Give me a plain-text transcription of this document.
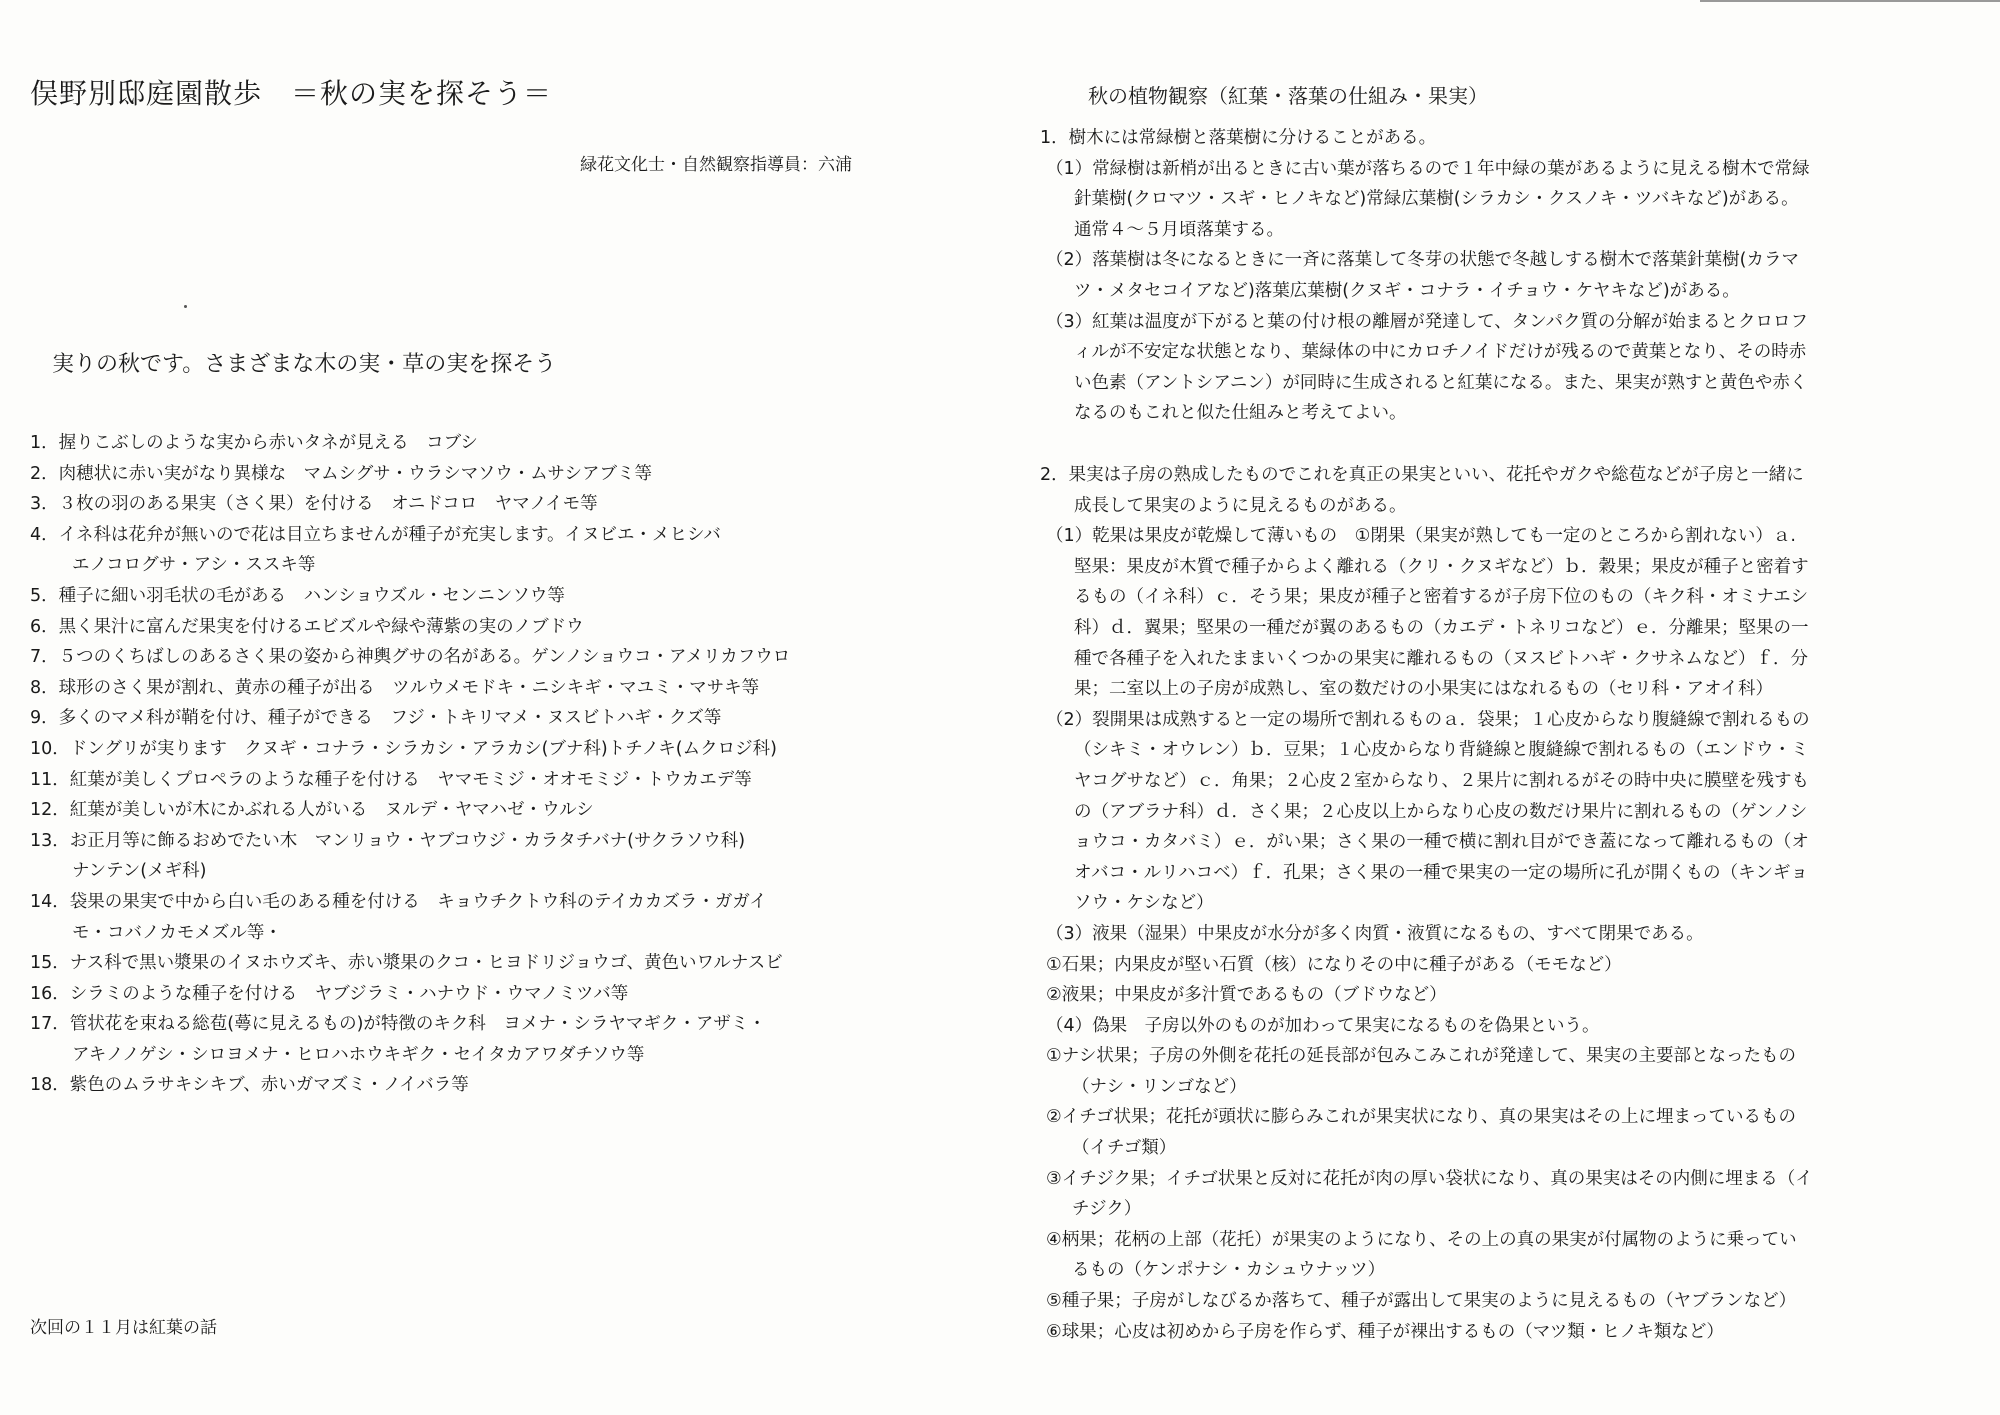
俣野別邸庭園散歩　＝秋の実を探そう＝
緑花文化士・自然観察指導員：六浦
実りの秋です。さまざまな木の実・草の実を探そう
1．握りこぶしのような実から赤いタネが見える　コブシ
2．肉穂状に赤い実がなり異様な　マムシグサ・ウラシマソウ・ムサシアブミ等
3．３枚の羽のある果実（さく果）を付ける　オニドコロ　ヤマノイモ等
4．イネ科は花弁が無いので花は目立ちませんが種子が充実します。イヌビエ・メヒシバ
エノコログサ・アシ・ススキ等
5．種子に細い羽毛状の毛がある　ハンショウズル・センニンソウ等
6．黒く果汁に富んだ果実を付けるエビズルや緑や薄紫の実のノブドウ
7．５つのくちばしのあるさく果の姿から神輿グサの名がある。ゲンノショウコ・アメリカフウロ
8．球形のさく果が割れ、黄赤の種子が出る　ツルウメモドキ・ニシキギ・マユミ・マサキ等
9．多くのマメ科が鞘を付け、種子ができる　フジ・トキリマメ・ヌスビトハギ・クズ等
10．ドングリが実ります　クヌギ・コナラ・シラカシ・アラカシ(ブナ科)トチノキ(ムクロジ科)
11．紅葉が美しくプロペラのような種子を付ける　ヤマモミジ・オオモミジ・トウカエデ等
12．紅葉が美しいが木にかぶれる人がいる　ヌルデ・ヤマハゼ・ウルシ
13．お正月等に飾るおめでたい木　マンリョウ・ヤブコウジ・カラタチバナ(サクラソウ科)
ナンテン(メギ科)
14．袋果の果実で中から白い毛のある種を付ける　キョウチクトウ科のテイカカズラ・ガガイ
モ・コバノカモメズル等・
15．ナス科で黒い漿果のイヌホウズキ、赤い漿果のクコ・ヒヨドリジョウゴ、黄色いワルナスビ
16．シラミのような種子を付ける　ヤブジラミ・ハナウド・ウマノミツバ等
17．管状花を束ねる総苞(蕚に見えるもの)が特徴のキク科　ヨメナ・シラヤマギク・アザミ・
アキノノゲシ・シロヨメナ・ヒロハホウキギク・セイタカアワダチソウ等
18．紫色のムラサキシキブ、赤いガマズミ・ノイバラ等
次回の１１月は紅葉の話
秋の植物観察（紅葉・落葉の仕組み・果実）
1．樹木には常緑樹と落葉樹に分けることがある。
（1）常緑樹は新梢が出るときに古い葉が落ちるので１年中緑の葉があるように見える樹木で常緑
針葉樹(クロマツ・スギ・ヒノキなど)常緑広葉樹(シラカシ・クスノキ・ツバキなど)がある。
通常４～５月頃落葉する。
（2）落葉樹は冬になるときに一斉に落葉して冬芽の状態で冬越しする樹木で落葉針葉樹(カラマ
ツ・メタセコイアなど)落葉広葉樹(クヌギ・コナラ・イチョウ・ケヤキなど)がある。
（3）紅葉は温度が下がると葉の付け根の離層が発達して、タンパク質の分解が始まるとクロロフ
ィルが不安定な状態となり、葉緑体の中にカロチノイドだけが残るので黄葉となり、その時赤
い色素（アントシアニン）が同時に生成されると紅葉になる。また、果実が熟すと黄色や赤く
なるのもこれと似た仕組みと考えてよい。
2．果実は子房の熟成したものでこれを真正の果実といい、花托やガクや総苞などが子房と一緒に
成長して果実のように見えるものがある。
（1）乾果は果皮が乾燥して薄いもの　①閉果（果実が熟しても一定のところから割れない）ａ.
堅果：果皮が木質で種子からよく離れる（クリ・クヌギなど）ｂ．穀果；果皮が種子と密着す
るもの（イネ科）ｃ．そう果；果皮が種子と密着するが子房下位のもの（キク科・オミナエシ
科）ｄ．翼果；堅果の一種だが翼のあるもの（カエデ・トネリコなど）ｅ．分離果；堅果の一
種で各種子を入れたままいくつかの果実に離れるもの（ヌスビトハギ・クサネムなど）ｆ．分
果；二室以上の子房が成熟し、室の数だけの小果実にはなれるもの（セリ科・アオイ科）
（2）裂開果は成熟すると一定の場所で割れるものａ．袋果；１心皮からなり腹縫線で割れるもの
（シキミ・オウレン）ｂ．豆果；１心皮からなり背縫線と腹縫線で割れるもの（エンドウ・ミ
ヤコグサなど）ｃ．角果；２心皮２室からなり、２果片に割れるがその時中央に膜壁を残すも
の（アブラナ科）ｄ．さく果；２心皮以上からなり心皮の数だけ果片に割れるもの（ゲンノシ
ョウコ・カタバミ）ｅ．がい果；さく果の一種で横に割れ目ができ蓋になって離れるもの（オ
オバコ・ルリハコベ）ｆ．孔果；さく果の一種で果実の一定の場所に孔が開くもの（キンギョ
ソウ・ケシなど）
（3）液果（湿果）中果皮が水分が多く肉質・液質になるもの、すべて閉果である。
①石果；内果皮が堅い石質（核）になりその中に種子がある（モモなど）
②液果；中果皮が多汁質であるもの（ブドウなど）
（4）偽果　子房以外のものが加わって果実になるものを偽果という。
①ナシ状果；子房の外側を花托の延長部が包みこみこれが発達して、果実の主要部となったもの
（ナシ・リンゴなど）
②イチゴ状果；花托が頭状に膨らみこれが果実状になり、真の果実はその上に埋まっているもの
（イチゴ類）
③イチジク果；イチゴ状果と反対に花托が肉の厚い袋状になり、真の果実はその内側に埋まる（イ
チジク）
④柄果；花柄の上部（花托）が果実のようになり、その上の真の果実が付属物のように乗ってい
るもの（ケンポナシ・カシュウナッツ）
⑤種子果；子房がしなびるか落ちて、種子が露出して果実のように見えるもの（ヤブランなど）
⑥球果；心皮は初めから子房を作らず、種子が裸出するもの（マツ類・ヒノキ類など）
